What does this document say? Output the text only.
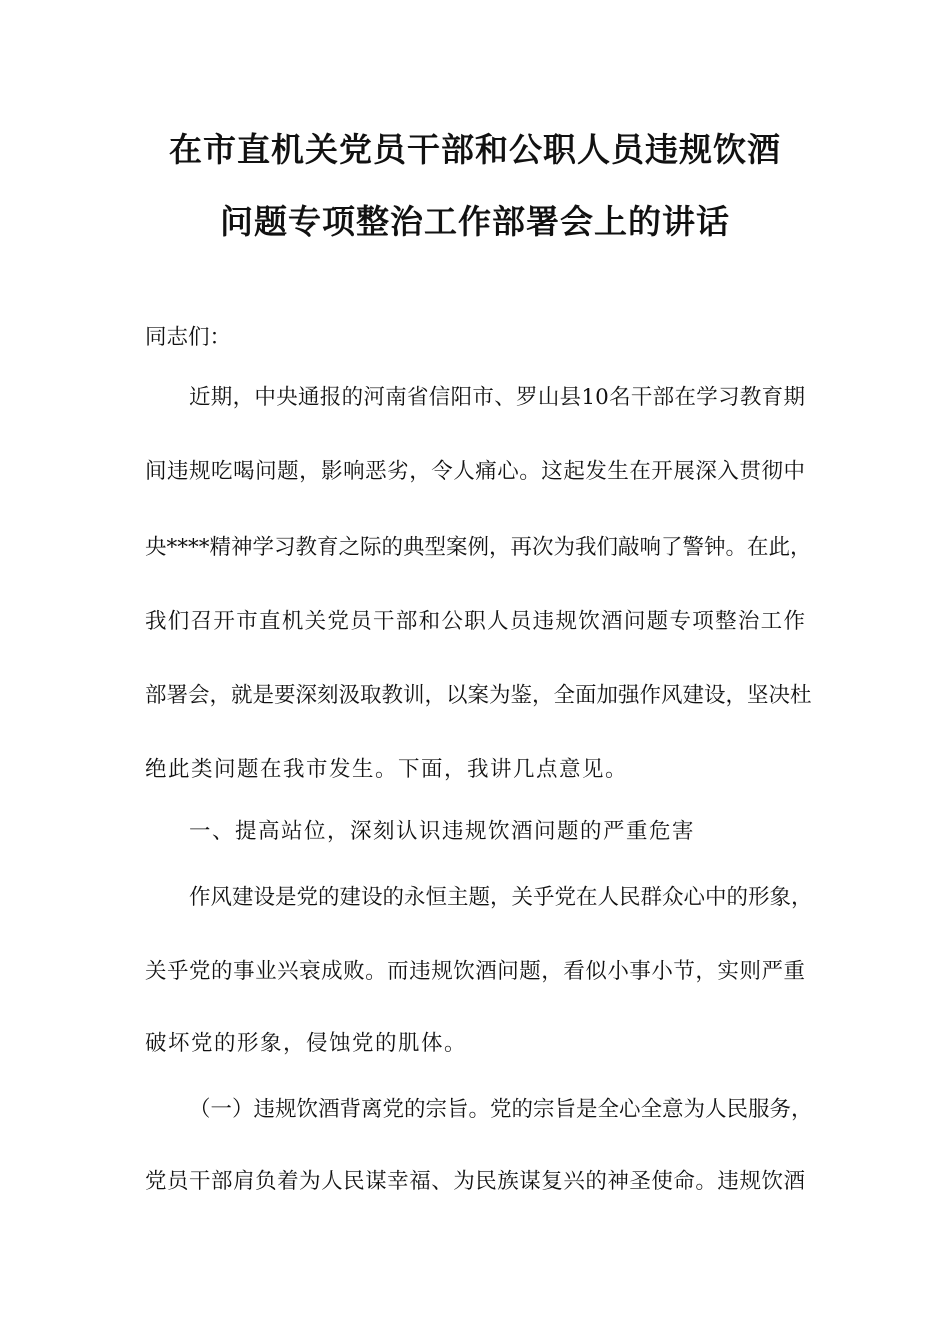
在市直机关党员干部和公职人员违规饮酒
问题专项整治工作部署会上的讲话
同志们：
近期，中央通报的河南省信阳市、罗山县10名干部在学习教育期
间违规吃喝问题，影响恶劣，令人痛心。这起发生在开展深入贯彻中
央****精神学习教育之际的典型案例，再次为我们敲响了警钟。在此，
我们召开市直机关党员干部和公职人员违规饮酒问题专项整治工作
部署会，就是要深刻汲取教训，以案为鉴，全面加强作风建设，坚决杜
绝此类问题在我市发生。下面，我讲几点意见。
一、提高站位，深刻认识违规饮酒问题的严重危害
作风建设是党的建设的永恒主题，关乎党在人民群众心中的形象，
关乎党的事业兴衰成败。而违规饮酒问题，看似小事小节，实则严重
破坏党的形象，侵蚀党的肌体。
（一）违规饮酒背离党的宗旨。党的宗旨是全心全意为人民服务，
党员干部肩负着为人民谋幸福、为民族谋复兴的神圣使命。违规饮酒
